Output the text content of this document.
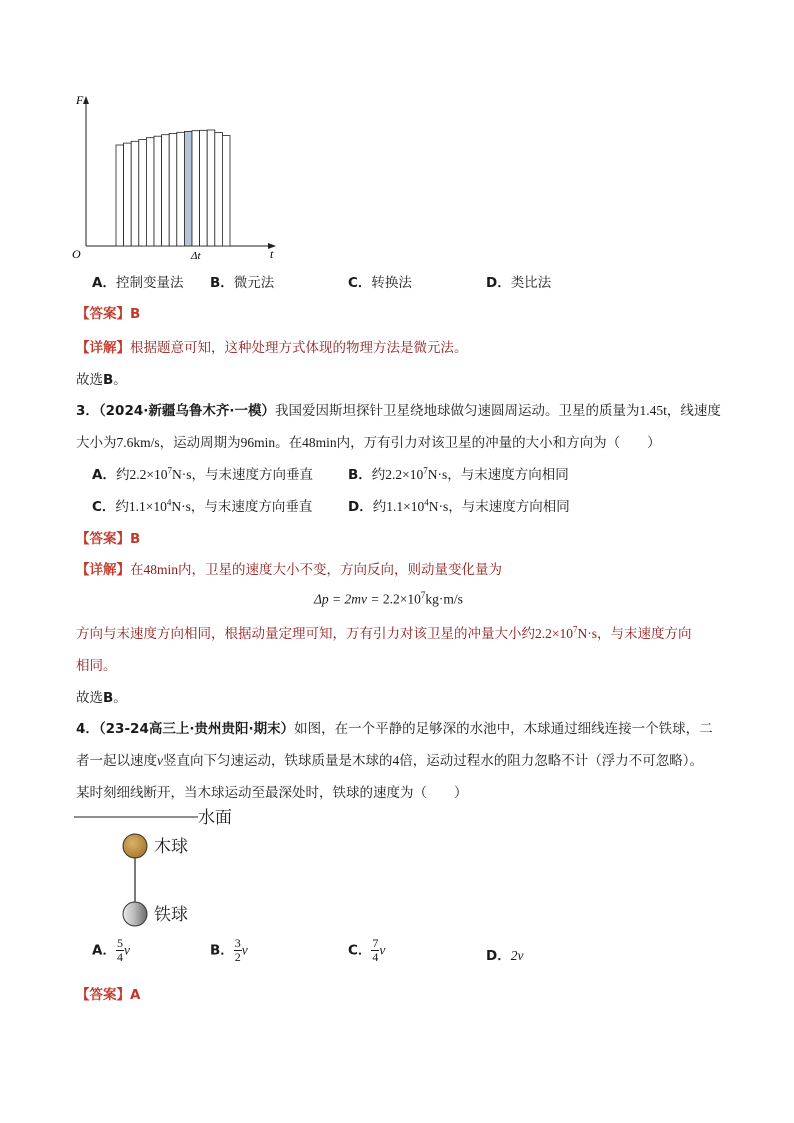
F
t
O	Δt
A．控制变量法 B．微元法	C．转换法	D．类比法
【答案】B
【详解】根据题意可知，这种处理方式体现的物理方法是微元法。
故选B。
3．（2024·新疆乌鲁木齐·一模）我国爱因斯坦探针卫星绕地球做匀速圆周运动。卫星的质量为1.45t，线速度
大小为7.6km/s，运动周期为96min。在48min内，万有引力对该卫星的冲量的大小和方向为（　　）
A．约$2.2\times 10^7N\cdot s$，与末速度方向垂直	B．约$2.2\times 10^7N\cdot s$，与末速度方向相同
C．约$1.1\times 10^4N\cdot s$，与末速度方向垂直	D．约$1.1\times 10^4N\cdot s$，与末速度方向相同
【答案】B
【详解】在48min内，卫星的速度大小不变，方向反向，则动量变化量为
$\Delta p = 2mv = 2.2\times 10^7kg\cdot m/s$
方向与末速度方向相同，根据动量定理可知，万有引力对该卫星的冲量大小约$2.2\times 10^7N\cdot s$，与末速度方向
相同。
故选B。
4．（23-24高三上·贵州贵阳·期末）如图，在一个平静的足够深的水池中，木球通过细线连接一个铁球，二
者一起以速度v竖直向下匀速运动，铁球质量是木球的4倍，运动过程水的阻力忽略不计（浮力不可忽略）。
某时刻细线断开，当木球运动至最深处时，铁球的速度为（　　）
水面
木球
铁球
A． $\frac{5}{4}$ v	B． $\frac{3}{2}$ v	C． $\frac{7}{4}$ v	D．2v
【答案】A
